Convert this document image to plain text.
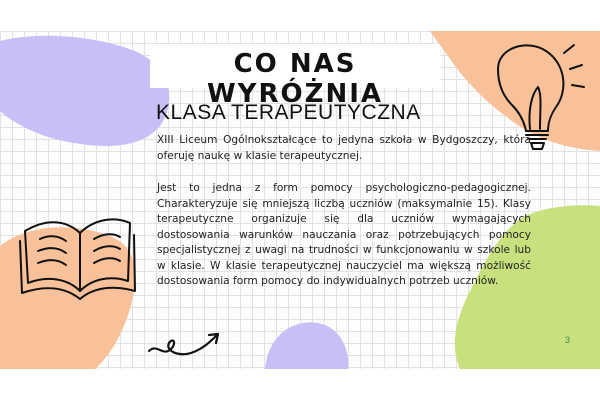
CO NAS WYRÓŻNIA
KLASA TERAPEUTYCZNA

XIII Liceum Ogólnokształcące to jedyna szkoła w Bydgoszczy, która oferuję naukę w klasie terapeutycznej.

Jest to jedna z form pomocy psychologiczno-pedagogicznej. Charakteryzuje się mniejszą liczbą uczniów (maksymalnie 15). Klasy terapeutyczne organizuje się dla uczniów wymagających dostosowania warunków nauczania oraz potrzebujących pomocy specjalistycznej z uwagi na trudności w funkcjonowaniu w szkole lub w klasie. W klasie terapeutycznej nauczyciel ma większą możliwość dostosowania form pomocy do indywidualnych potrzeb uczniów.

3
